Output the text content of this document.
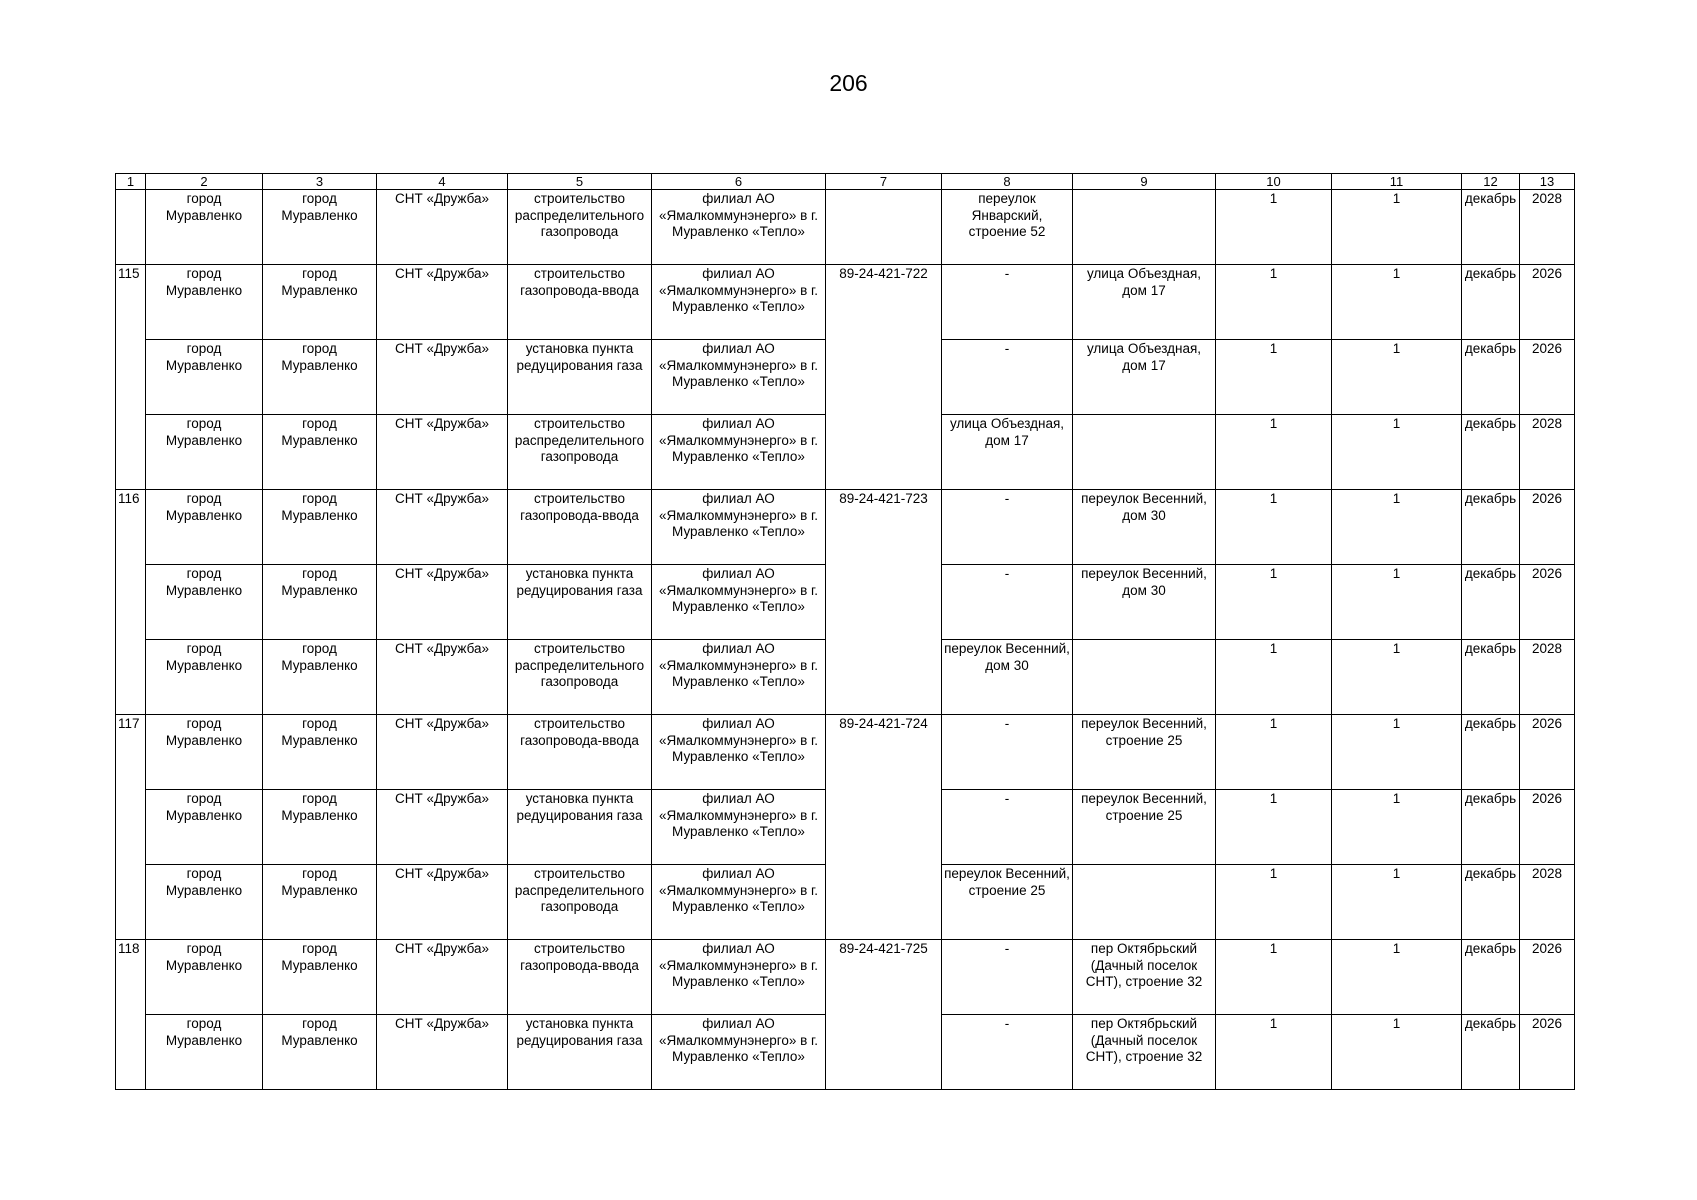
206
1	2	3	4	5	6	7	8	9	10	11	12	13
	город Муравленко	город Муравленко	СНТ «Дружба»	строительство распределительного газопровода	филиал АО «Ямалкоммунэнерго» в г. Муравленко «Тепло»		переулок Январский, строение 52		1	1	декабрь	2028
115	город Муравленко	город Муравленко	СНТ «Дружба»	строительство газопровода-ввода	филиал АО «Ямалкоммунэнерго» в г. Муравленко «Тепло»	89-24-421-722	-	улица Объездная, дом 17	1	1	декабрь	2026
	город Муравленко	город Муравленко	СНТ «Дружба»	установка пункта редуцирования газа	филиал АО «Ямалкоммунэнерго» в г. Муравленко «Тепло»		-	улица Объездная, дом 17	1	1	декабрь	2026
	город Муравленко	город Муравленко	СНТ «Дружба»	строительство распределительного газопровода	филиал АО «Ямалкоммунэнерго» в г. Муравленко «Тепло»		улица Объездная, дом 17		1	1	декабрь	2028
116	город Муравленко	город Муравленко	СНТ «Дружба»	строительство газопровода-ввода	филиал АО «Ямалкоммунэнерго» в г. Муравленко «Тепло»	89-24-421-723	-	переулок Весенний, дом 30	1	1	декабрь	2026
	город Муравленко	город Муравленко	СНТ «Дружба»	установка пункта редуцирования газа	филиал АО «Ямалкоммунэнерго» в г. Муравленко «Тепло»		-	переулок Весенний, дом 30	1	1	декабрь	2026
	город Муравленко	город Муравленко	СНТ «Дружба»	строительство распределительного газопровода	филиал АО «Ямалкоммунэнерго» в г. Муравленко «Тепло»		переулок Весенний, дом 30		1	1	декабрь	2028
117	город Муравленко	город Муравленко	СНТ «Дружба»	строительство газопровода-ввода	филиал АО «Ямалкоммунэнерго» в г. Муравленко «Тепло»	89-24-421-724	-	переулок Весенний, строение 25	1	1	декабрь	2026
	город Муравленко	город Муравленко	СНТ «Дружба»	установка пункта редуцирования газа	филиал АО «Ямалкоммунэнерго» в г. Муравленко «Тепло»		-	переулок Весенний, строение 25	1	1	декабрь	2026
	город Муравленко	город Муравленко	СНТ «Дружба»	строительство распределительного газопровода	филиал АО «Ямалкоммунэнерго» в г. Муравленко «Тепло»		переулок Весенний, строение 25		1	1	декабрь	2028
118	город Муравленко	город Муравленко	СНТ «Дружба»	строительство газопровода-ввода	филиал АО «Ямалкоммунэнерго» в г. Муравленко «Тепло»	89-24-421-725	-	пер Октябрьский (Дачный поселок СНТ), строение 32	1	1	декабрь	2026
	город Муравленко	город Муравленко	СНТ «Дружба»	установка пункта редуцирования газа	филиал АО «Ямалкоммунэнерго» в г. Муравленко «Тепло»		-	пер Октябрьский (Дачный поселок СНТ), строение 32	1	1	декабрь	2026
